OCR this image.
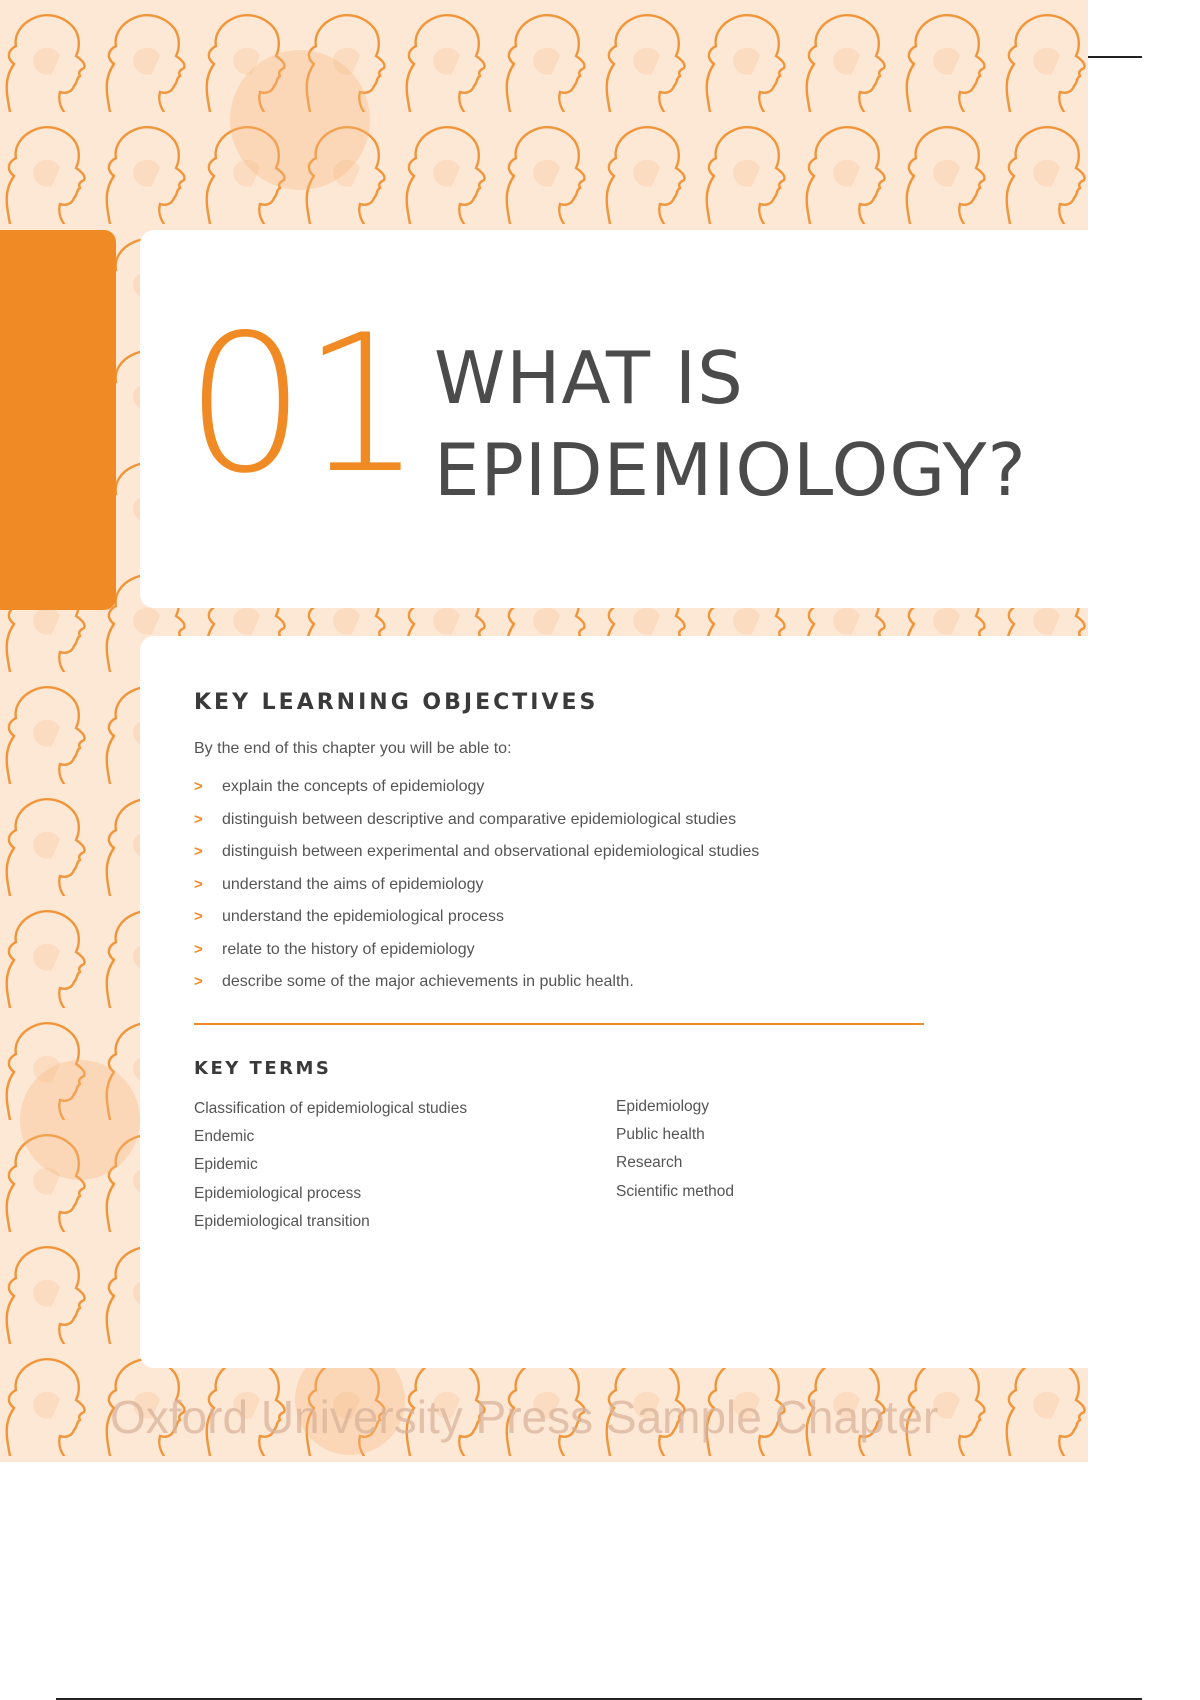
01 WHAT IS
EPIDEMIOLOGY?
KEY LEARNING OBJECTIVES
By the end of this chapter you will be able to:
> explain the concepts of epidemiology
> distinguish between descriptive and comparative epidemiological studies
> distinguish between experimental and observational epidemiological studies
> understand the aims of epidemiology
> understand the epidemiological process
> relate to the history of epidemiology
> describe some of the major achievements in public health.
KEY TERMS
Classification of epidemiological studies
Endemic
Epidemic
Epidemiological process
Epidemiological transition
Epidemiology
Public health
Research
Scientific method
Oxford University Press Sample Chapter
